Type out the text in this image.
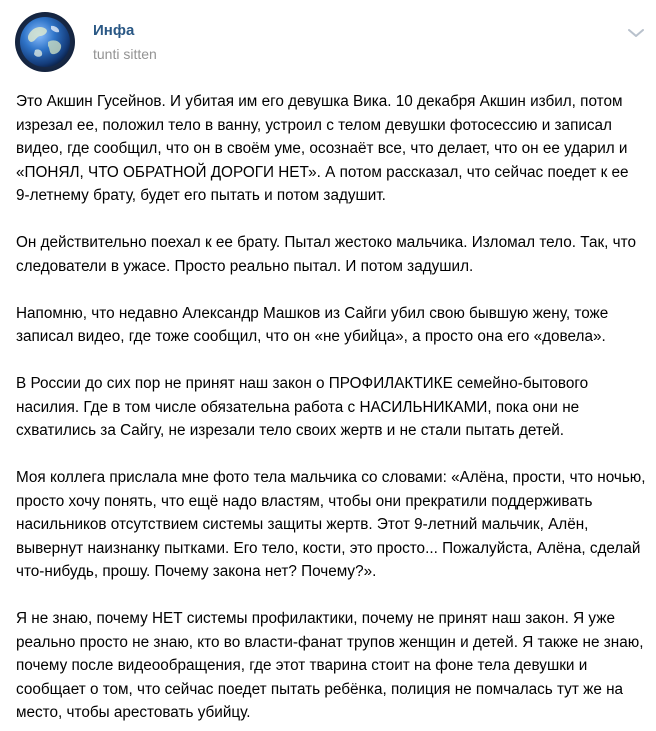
Инфа
tunti sitten

Это Акшин Гусейнов. И убитая им его девушка Вика. 10 декабря Акшин избил, потом изрезал ее, положил тело в ванну, устроил с телом девушки фотосессию и записал видео, где сообщил, что он в своём уме, осознаёт все, что делает, что он ее ударил и «ПОНЯЛ, ЧТО ОБРАТНОЙ ДОРОГИ НЕТ». А потом рассказал, что сейчас поедет к ее 9-летнему брату, будет его пытать и потом задушит.

Он действительно поехал к ее брату. Пытал жестоко мальчика. Изломал тело. Так, что следователи в ужасе. Просто реально пытал. И потом задушил.

Напомню, что недавно Александр Машков из Сайги убил свою бывшую жену, тоже записал видео, где тоже сообщил, что он «не убийца», а просто она его «довела».

В России до сих пор не принят наш закон о ПРОФИЛАКТИКЕ семейно-бытового насилия. Где в том числе обязательна работа с НАСИЛЬНИКАМИ, пока они не схватились за Сайгу, не изрезали тело своих жертв и не стали пытать детей.

Моя коллега прислала мне фото тела мальчика со словами: «Алёна, прости, что ночью, просто хочу понять, что ещё надо властям, чтобы они прекратили поддерживать насильников отсутствием системы защиты жертв. Этот 9-летний мальчик, Алён, вывернут наизнанку пытками. Его тело, кости, это просто... Пожалуйста, Алёна, сделай что-нибудь, прошу. Почему закона нет? Почему?».

Я не знаю, почему НЕТ системы профилактики, почему не принят наш закон. Я уже реально просто не знаю, кто во власти-фанат трупов женщин и детей. Я также не знаю, почему после видеообращения, где этот тварина стоит на фоне тела девушки и сообщает о том, что сейчас поедет пытать ребёнка, полиция не помчалась тут же на место, чтобы арестовать убийцу.
